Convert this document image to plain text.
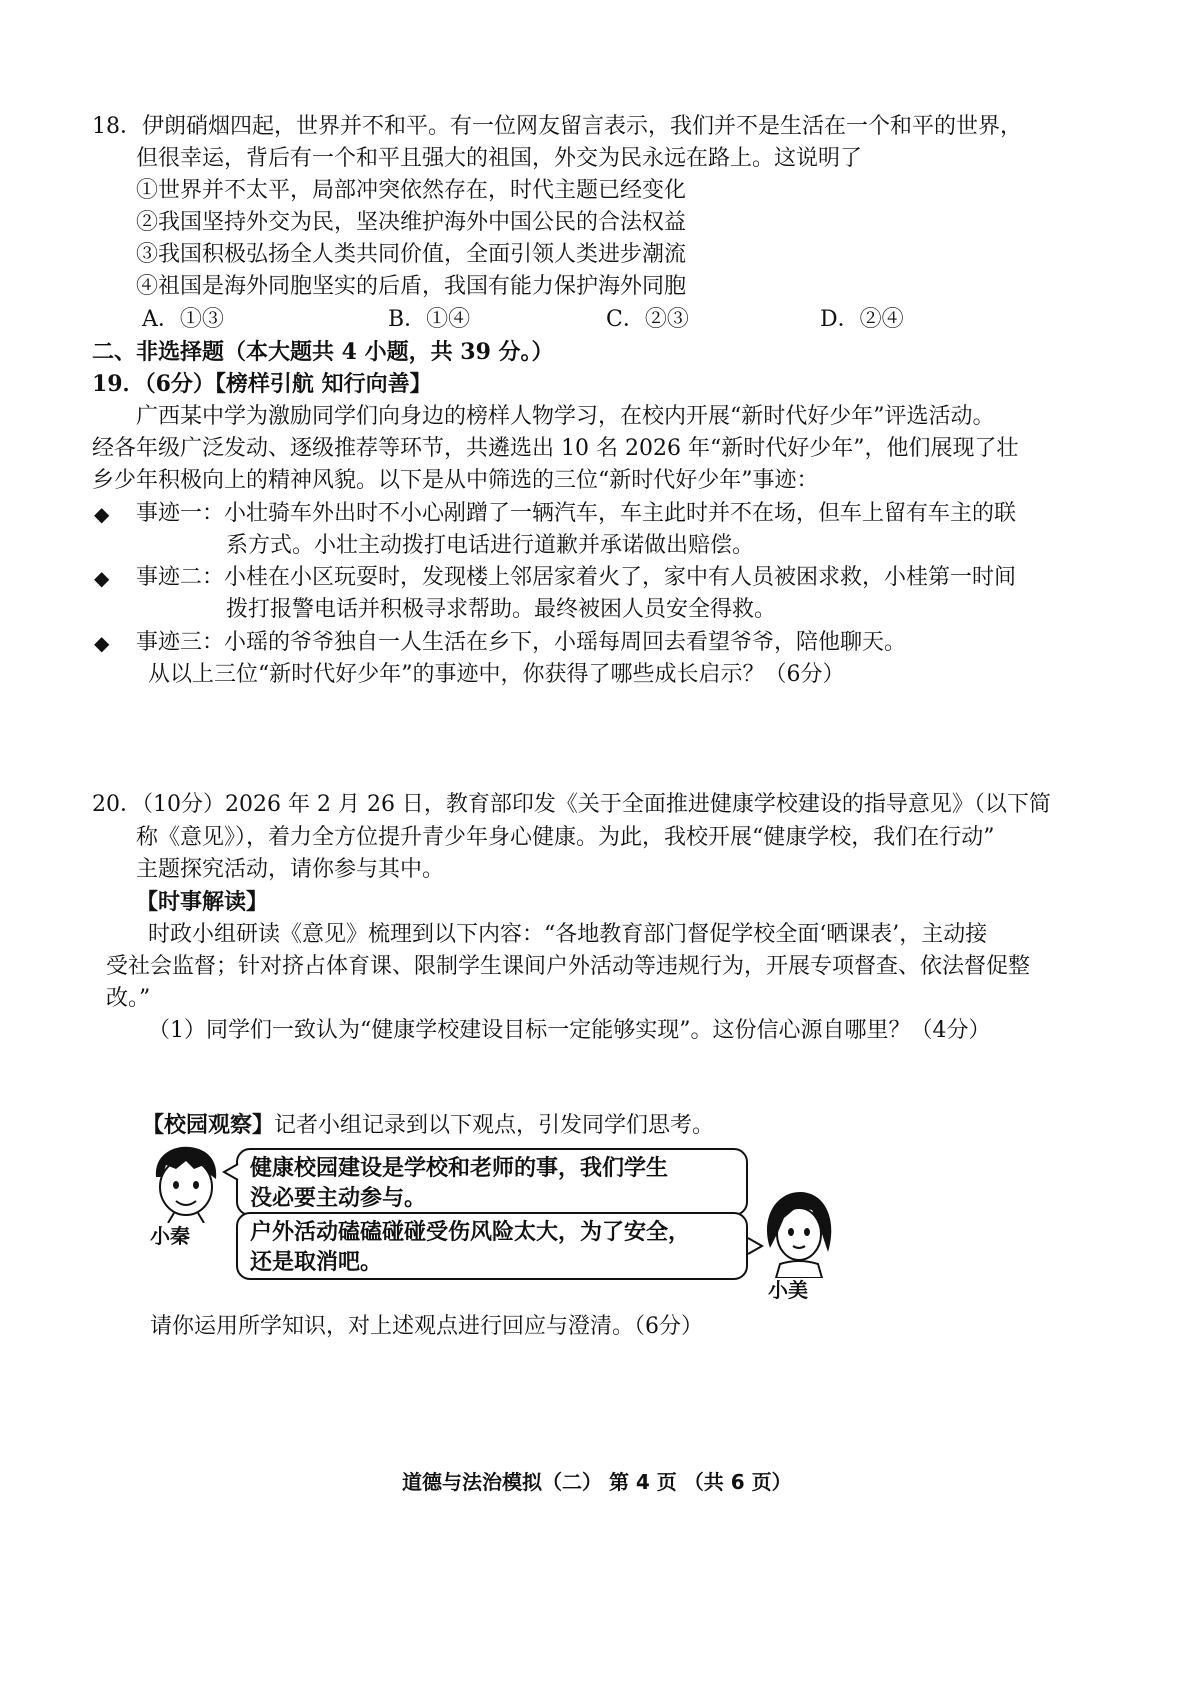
18．伊朗硝烟四起，世界并不和平。有一位网友留言表示，我们并不是生活在一个和平的世界，
但很幸运，背后有一个和平且强大的祖国，外交为民永远在路上。这说明了
①世界并不太平，局部冲突依然存在，时代主题已经变化
②我国坚持外交为民，坚决维护海外中国公民的合法权益
③我国积极弘扬全人类共同价值，全面引领人类进步潮流
④祖国是海外同胞坚实的后盾，我国有能力保护海外同胞
A．①③	B．①④	C．②③	D．②④
二、非选择题（本大题共 4 小题，共 39 分。）
19．（6分）【榜样引航 知行向善】
广西某中学为激励同学们向身边的榜样人物学习，在校内开展“新时代好少年”评选活动。
经各年级广泛发动、逐级推荐等环节，共遴选出 10 名 2026 年“新时代好少年”，他们展现了壮
乡少年积极向上的精神风貌。以下是从中筛选的三位“新时代好少年”事迹：
◆ 事迹一：小壮骑车外出时不小心剐蹭了一辆汽车，车主此时并不在场，但车上留有车主的联
系方式。小壮主动拨打电话进行道歉并承诺做出赔偿。
◆ 事迹二：小桂在小区玩耍时，发现楼上邻居家着火了，家中有人员被困求救，小桂第一时间
拨打报警电话并积极寻求帮助。最终被困人员安全得救。
◆ 事迹三：小瑶的爷爷独自一人生活在乡下，小瑶每周回去看望爷爷，陪他聊天。
从以上三位“新时代好少年”的事迹中，你获得了哪些成长启示？（6分）
20．（10分）2026 年 2 月 26 日，教育部印发《关于全面推进健康学校建设的指导意见》（以下简
称《意见》），着力全方位提升青少年身心健康。为此，我校开展“健康学校，我们在行动”
主题探究活动，请你参与其中。
【时事解读】
时政小组研读《意见》梳理到以下内容：“各地教育部门督促学校全面‘晒课表’，主动接
受社会监督；针对挤占体育课、限制学生课间户外活动等违规行为，开展专项督查、依法督促整
改。”
（1）同学们一致认为“健康学校建设目标一定能够实现”。这份信心源自哪里？（4分）
【校园观察】记者小组记录到以下观点，引发同学们思考。
小秦
健康校园建设是学校和老师的事，我们学生
没必要主动参与。
户外活动磕磕碰碰受伤风险太大，为了安全，
还是取消吧。
小美
请你运用所学知识，对上述观点进行回应与澄清。（6分）
道德与法治模拟（二） 第 4 页 （共 6 页）
